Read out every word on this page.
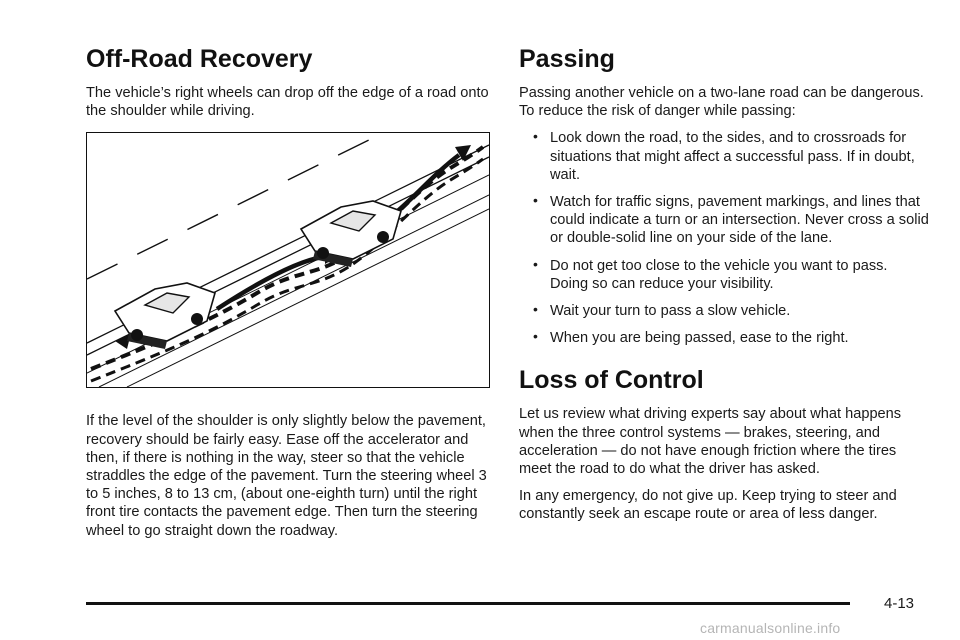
Off-Road Recovery

The vehicle’s right wheels can drop off the edge of a road onto the shoulder while driving.

If the level of the shoulder is only slightly below the pavement, recovery should be fairly easy. Ease off the accelerator and then, if there is nothing in the way, steer so that the vehicle straddles the edge of the pavement. Turn the steering wheel 3 to 5 inches, 8 to 13 cm, (about one-eighth turn) until the right front tire contacts the pavement edge. Then turn the steering wheel to go straight down the roadway.

Passing

Passing another vehicle on a two-lane road can be dangerous. To reduce the risk of danger while passing:

• Look down the road, to the sides, and to crossroads for situations that might affect a successful pass. If in doubt, wait.
• Watch for traffic signs, pavement markings, and lines that could indicate a turn or an intersection. Never cross a solid or double-solid line on your side of the lane.
• Do not get too close to the vehicle you want to pass. Doing so can reduce your visibility.
• Wait your turn to pass a slow vehicle.
• When you are being passed, ease to the right.
Loss of Control

Let us review what driving experts say about what happens when the three control systems — brakes, steering, and acceleration — do not have enough friction where the tires meet the road to do what the driver has asked.

In any emergency, do not give up. Keep trying to steer and constantly seek an escape route or area of less danger.

4-13
carmanualsonline.info
